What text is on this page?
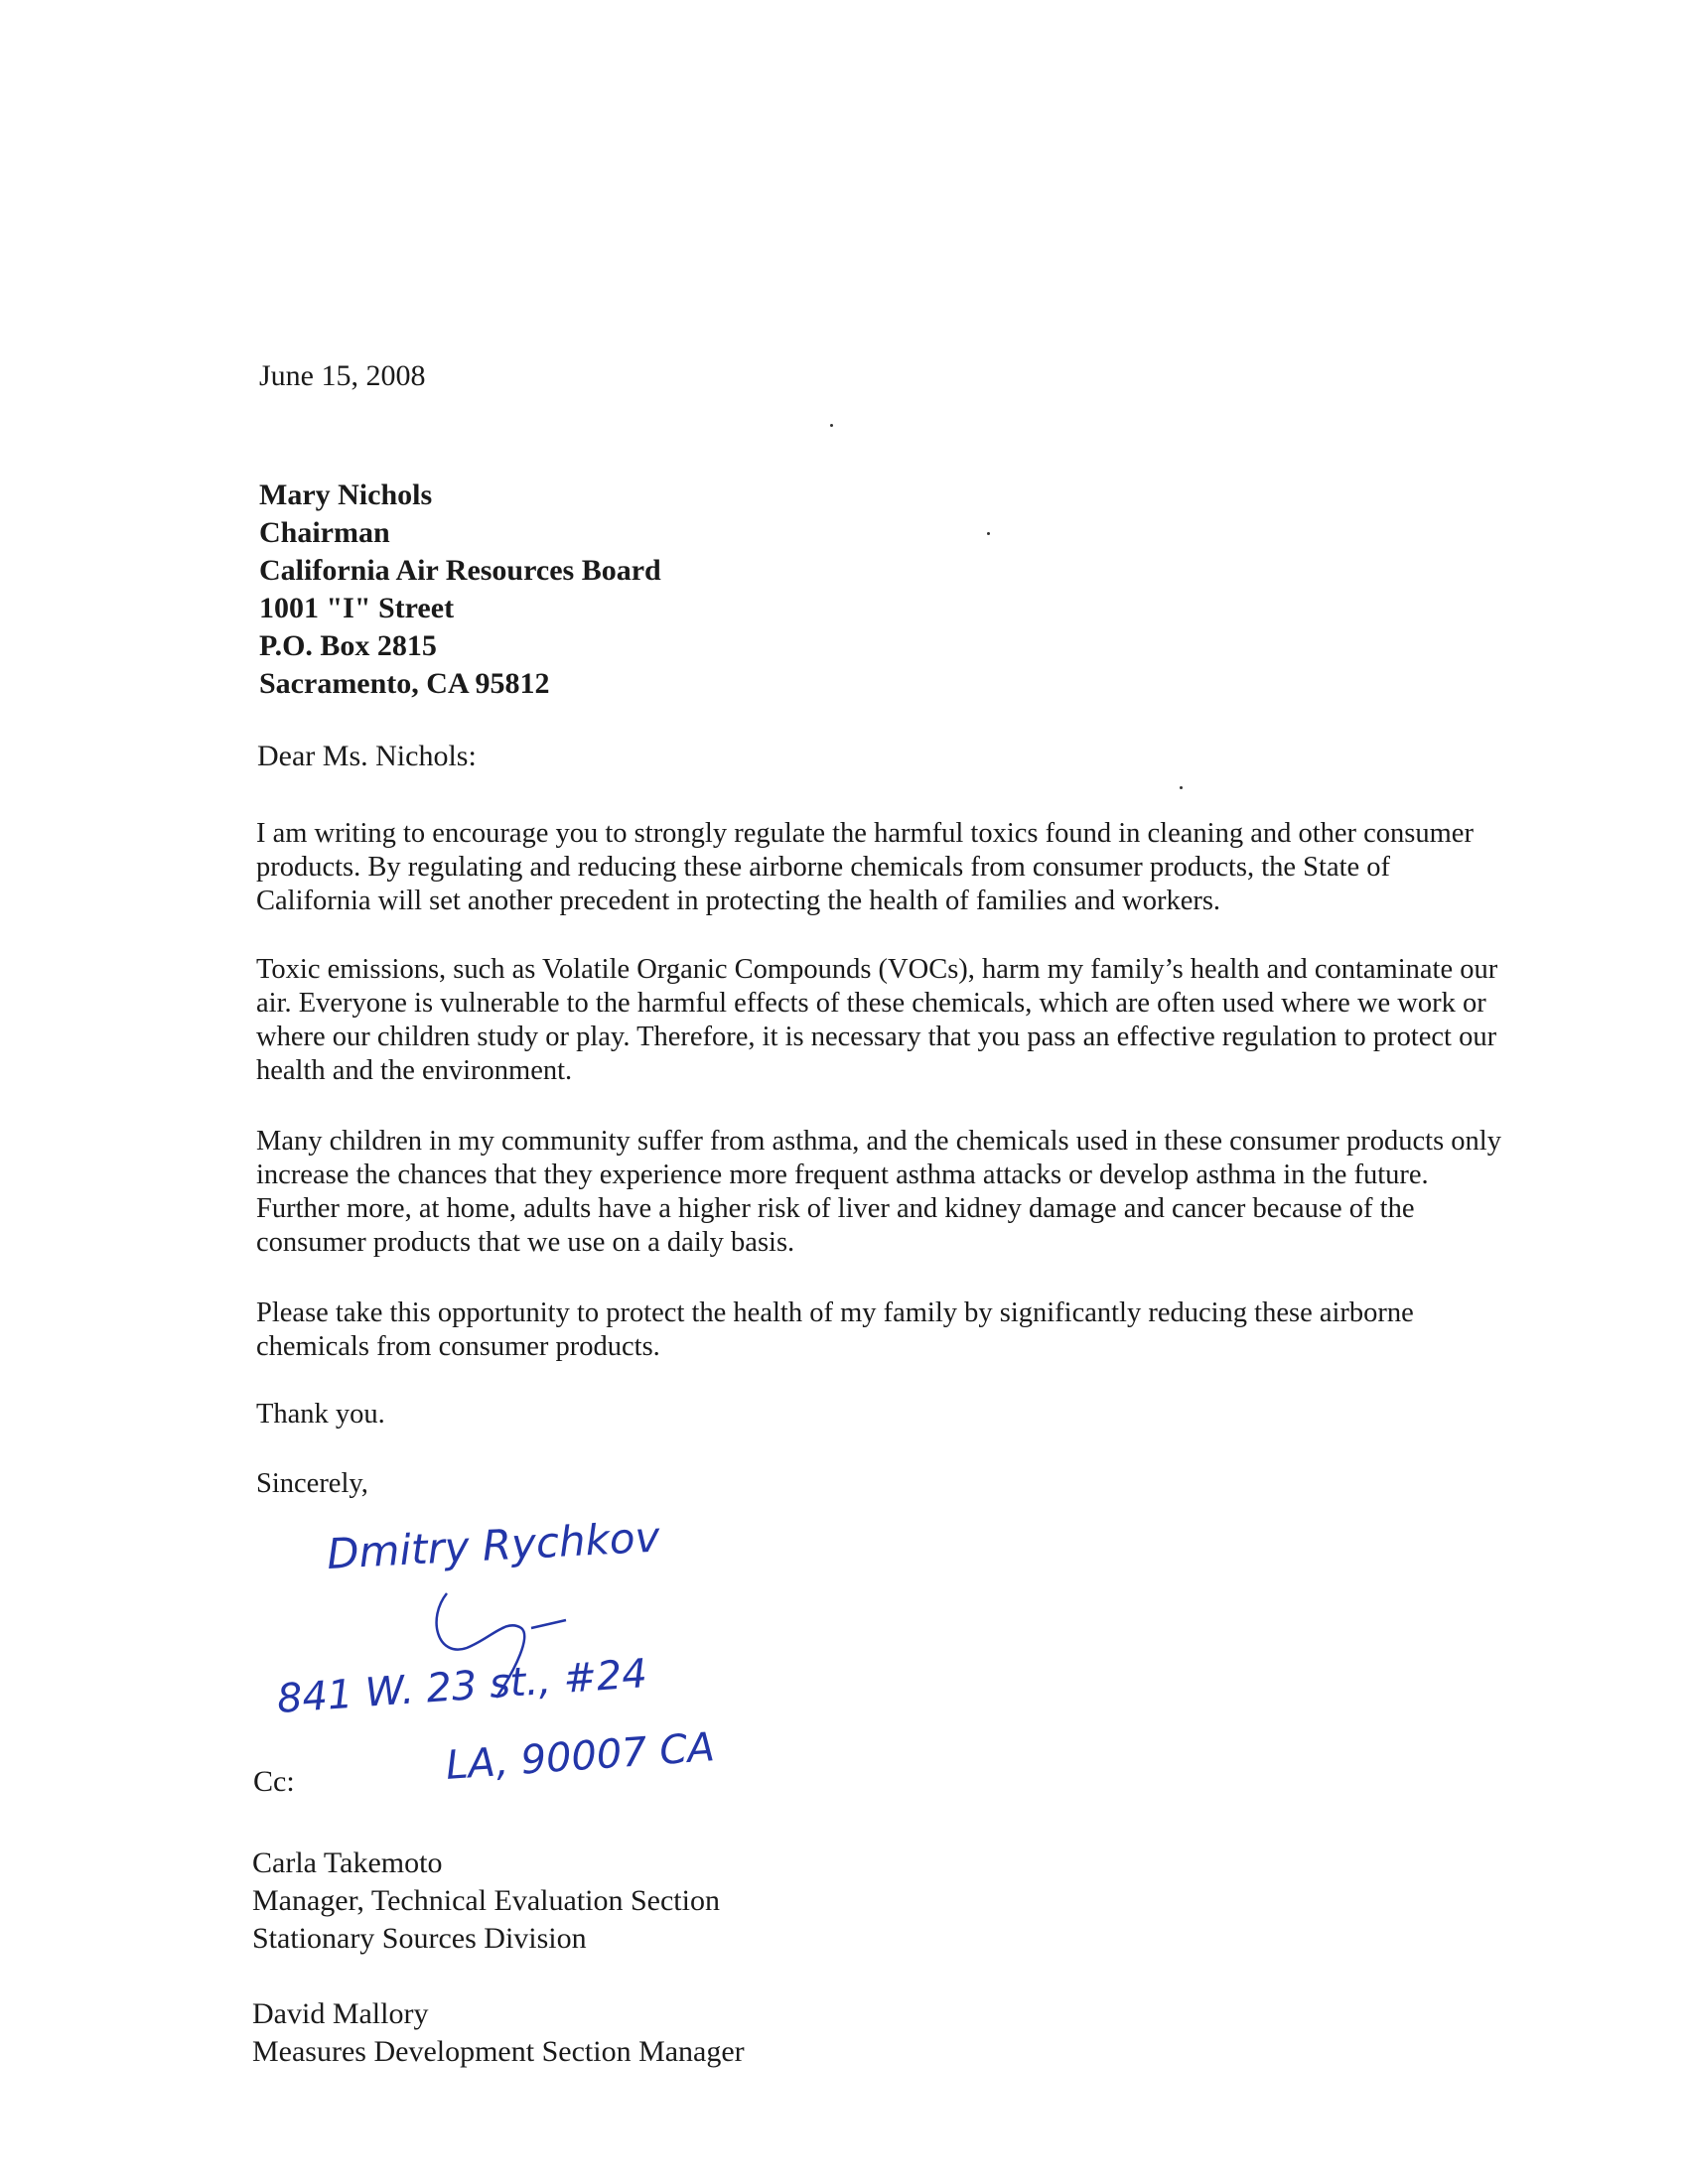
June 15, 2008
Mary Nichols
Chairman
California Air Resources Board
1001 "I" Street
P.O. Box 2815
Sacramento, CA 95812
Dear Ms. Nichols:
I am writing to encourage you to strongly regulate the harmful toxics found in cleaning and other consumer products. By regulating and reducing these airborne chemicals from consumer products, the State of California will set another precedent in protecting the health of families and workers.
Toxic emissions, such as Volatile Organic Compounds (VOCs), harm my family’s health and contaminate our air. Everyone is vulnerable to the harmful effects of these chemicals, which are often used where we work or where our children study or play. Therefore, it is necessary that you pass an effective regulation to protect our health and the environment.
Many children in my community suffer from asthma, and the chemicals used in these consumer products only increase the chances that they experience more frequent asthma attacks or develop asthma in the future. Further more, at home, adults have a higher risk of liver and kidney damage and cancer because of the consumer products that we use on a daily basis.
Please take this opportunity to protect the health of my family by significantly reducing these airborne chemicals from consumer products.
Thank you.
Sincerely,
Dmitry Rychkov
841 W. 23 st., #24
LA, 90007 CA
Cc:
Carla Takemoto
Manager, Technical Evaluation Section
Stationary Sources Division
David Mallory
Measures Development Section Manager
